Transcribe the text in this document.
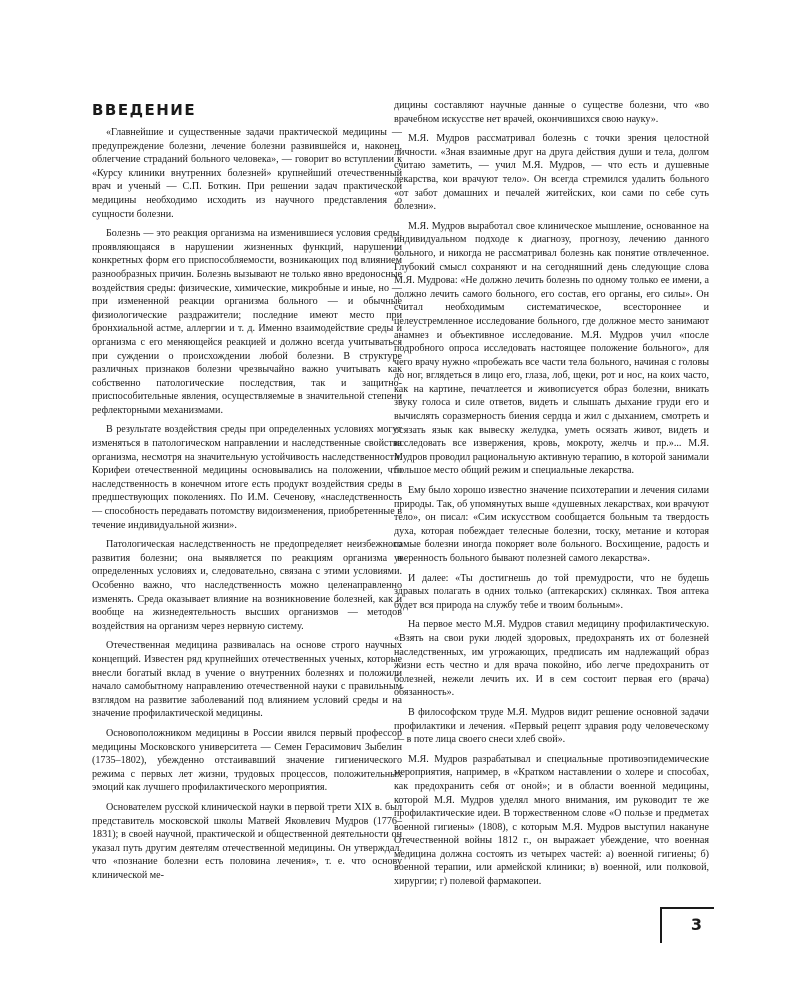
ВВЕДЕНИЕ

«Главнейшие и существенные задачи практической медицины — предупреждение болезни, лечение болезни развившейся и, наконец, облегчение страданий больного человека», — говорит во вступлении к «Курсу клиники внутренних болезней» крупнейший отечественный врач и ученый — С.П. Боткин. При решении задач практической медицины необходимо исходить из научного представления о сущности болезни.

Болезнь — это реакция организма на изменившиеся условия среды, проявляющаяся в нарушении жизненных функций, нарушении конкретных форм его приспособляемости, возникающих под влиянием разнообразных причин. Болезнь вызывают не только явно вредоносные воздействия среды: физические, химические, микробные и иные, но — при измененной реакции организма больного — и обычные физиологические раздражители; последние имеют место при бронхиальной астме, аллергии и т. д. Именно взаимодействие среды и организма с его меняющейся реакцией и должно всегда учитываться при суждении о происхождении любой болезни. В структуре различных признаков болезни чрезвычайно важно учитывать как собственно патологические последствия, так и защитно-приспособительные явления, осуществляемые в значительной степени рефлекторными механизмами.

В результате воздействия среды при определенных условиях могут изменяться в патологическом направлении и наследственные свойства организма, несмотря на значительную устойчивость наследственности. Корифеи отечественной медицины основывались на положении, что наследственность в конечном итоге есть продукт воздействия среды в предшествующих поколениях. По И.М. Сеченову, «наследственность — способность передавать потомству видоизменения, приобретенные в течение индивидуальной жизни».

Патологическая наследственность не предопределяет неизбежного развития болезни; она выявляется по реакциям организма в определенных условиях и, следовательно, связана с этими условиями. Особенно важно, что наследственность можно целенаправленно изменять. Среда оказывает влияние на возникновение болезней, как и вообще на жизнедеятельность высших организмов — методов воздействия на организм через нервную систему.

Отечественная медицина развивалась на основе строго научных концепций. Известен ряд крупнейших отечественных ученых, которые внесли богатый вклад в учение о внутренних болезнях и положили начало самобытному направлению отечественной науки с правильным взглядом на развитие заболеваний под влиянием условий среды и на значение профилактической медицины.

Основоположником медицины в России явился первый профессор медицины Московского университета — Семен Герасимович Зыбелин (1735–1802), убежденно отстаивавший значение гигиенического режима с первых лет жизни, трудовых процессов, положительных эмоций как лучшего профилактического мероприятия.

Основателем русской клинической науки в первой трети XIX в. был представитель московской школы Матвей Яковлевич Мудров (1776–1831); в своей научной, практической и общественной деятельности он указал путь другим деятелям отечественной медицины. Он утверждал, что «познание болезни есть половина лечения», т. е. что основу клинической ме-

дицины составляют научные данные о существе болезни, что «во врачебном искусстве нет врачей, окончившихся свою науку».

М.Я. Мудров рассматривал болезнь с точки зрения целостной личности. «Зная взаимные друг на друга действия души и тела, долгом считаю заметить, — учил М.Я. Мудров, — что есть и душевные лекарства, кои врачуют тело». Он всегда стремился удалить больного «от забот домашних и печалей житейских, кои сами по себе суть болезни».

М.Я. Мудров выработал свое клиническое мышление, основанное на индивидуальном подходе к диагнозу, прогнозу, лечению данного больного, и никогда не рассматривал болезнь как понятие отвлеченное. Глубокий смысл сохраняют и на сегодняшний день следующие слова М.Я. Мудрова: «Не должно лечить болезнь по одному только ее имени, а должно лечить самого больного, его состав, его органы, его силы». Он считал необходимым систематическое, всестороннее и целеустремленное исследование больного, где должное место занимают анамнез и объективное исследование. М.Я. Мудров учил «после подробного опроса исследовать настоящее положение больного», для чего врачу нужно «пробежать все части тела больного, начиная с головы до ног, вглядеться в лицо его, глаза, лоб, щеки, рот и нос, на коих часто, как на картине, печатлеется и живописуется образ болезни, вникать звуку голоса и силе ответов, видеть и слышать дыхание груди его и вычислять соразмерность биения сердца и жил с дыханием, смотреть и осязать язык как вывеску желудка, уметь осязать живот, видеть и исследовать все извержения, кровь, мокроту, желчь и пр.»... М.Я. Мудров проводил рациональную активную терапию, в которой занимали большое место общий режим и специальные лекарства.

Ему было хорошо известно значение психотерапии и лечения силами природы. Так, об упомянутых выше «душевных лекарствах, кои врачуют тело», он писал: «Сим искусством сообщается больным та твердость духа, которая побеждает телесные болезни, тоску, метание и которая самые болезни иногда покоряет воле больного. Восхищение, радость и уверенность больного бывают полезней самого лекарства».

И далее: «Ты достигнешь до той премудрости, что не будешь здравых полагать в одних только (аптекарских) склянках. Твоя аптека будет вся природа на службу тебе и твоим больным».

На первое место М.Я. Мудров ставил медицину профилактическую. «Взять на свои руки людей здоровых, предохранять их от болезней наследственных, им угрожающих, предписать им надлежащий образ жизни есть честно и для врача покойно, ибо легче предохранить от болезней, нежели лечить их. И в сем состоит первая его (врача) обязанность».

В философском труде М.Я. Мудров видит решение основной задачи профилактики и лечения. «Первый рецепт здравия роду человеческому — в поте лица своего снеси хлеб свой».

М.Я. Мудров разрабатывал и специальные противоэпидемические мероприятия, например, в «Кратком наставлении о холере и способах, как предохранить себя от оной»; и в области военной медицины, которой М.Я. Мудров уделял много внимания, им руководит те же профилактические идеи. В торжественном слове «О пользе и предметах военной гигиены» (1808), с которым М.Я. Мудров выступил накануне Отечественной войны 1812 г., он выражает убеждение, что военная медицина должна состоять из четырех частей: а) военной гигиены; б) военной терапии, или армейской клиники; в) военной, или полковой, хирургии; г) полевой фармакопеи.

3
